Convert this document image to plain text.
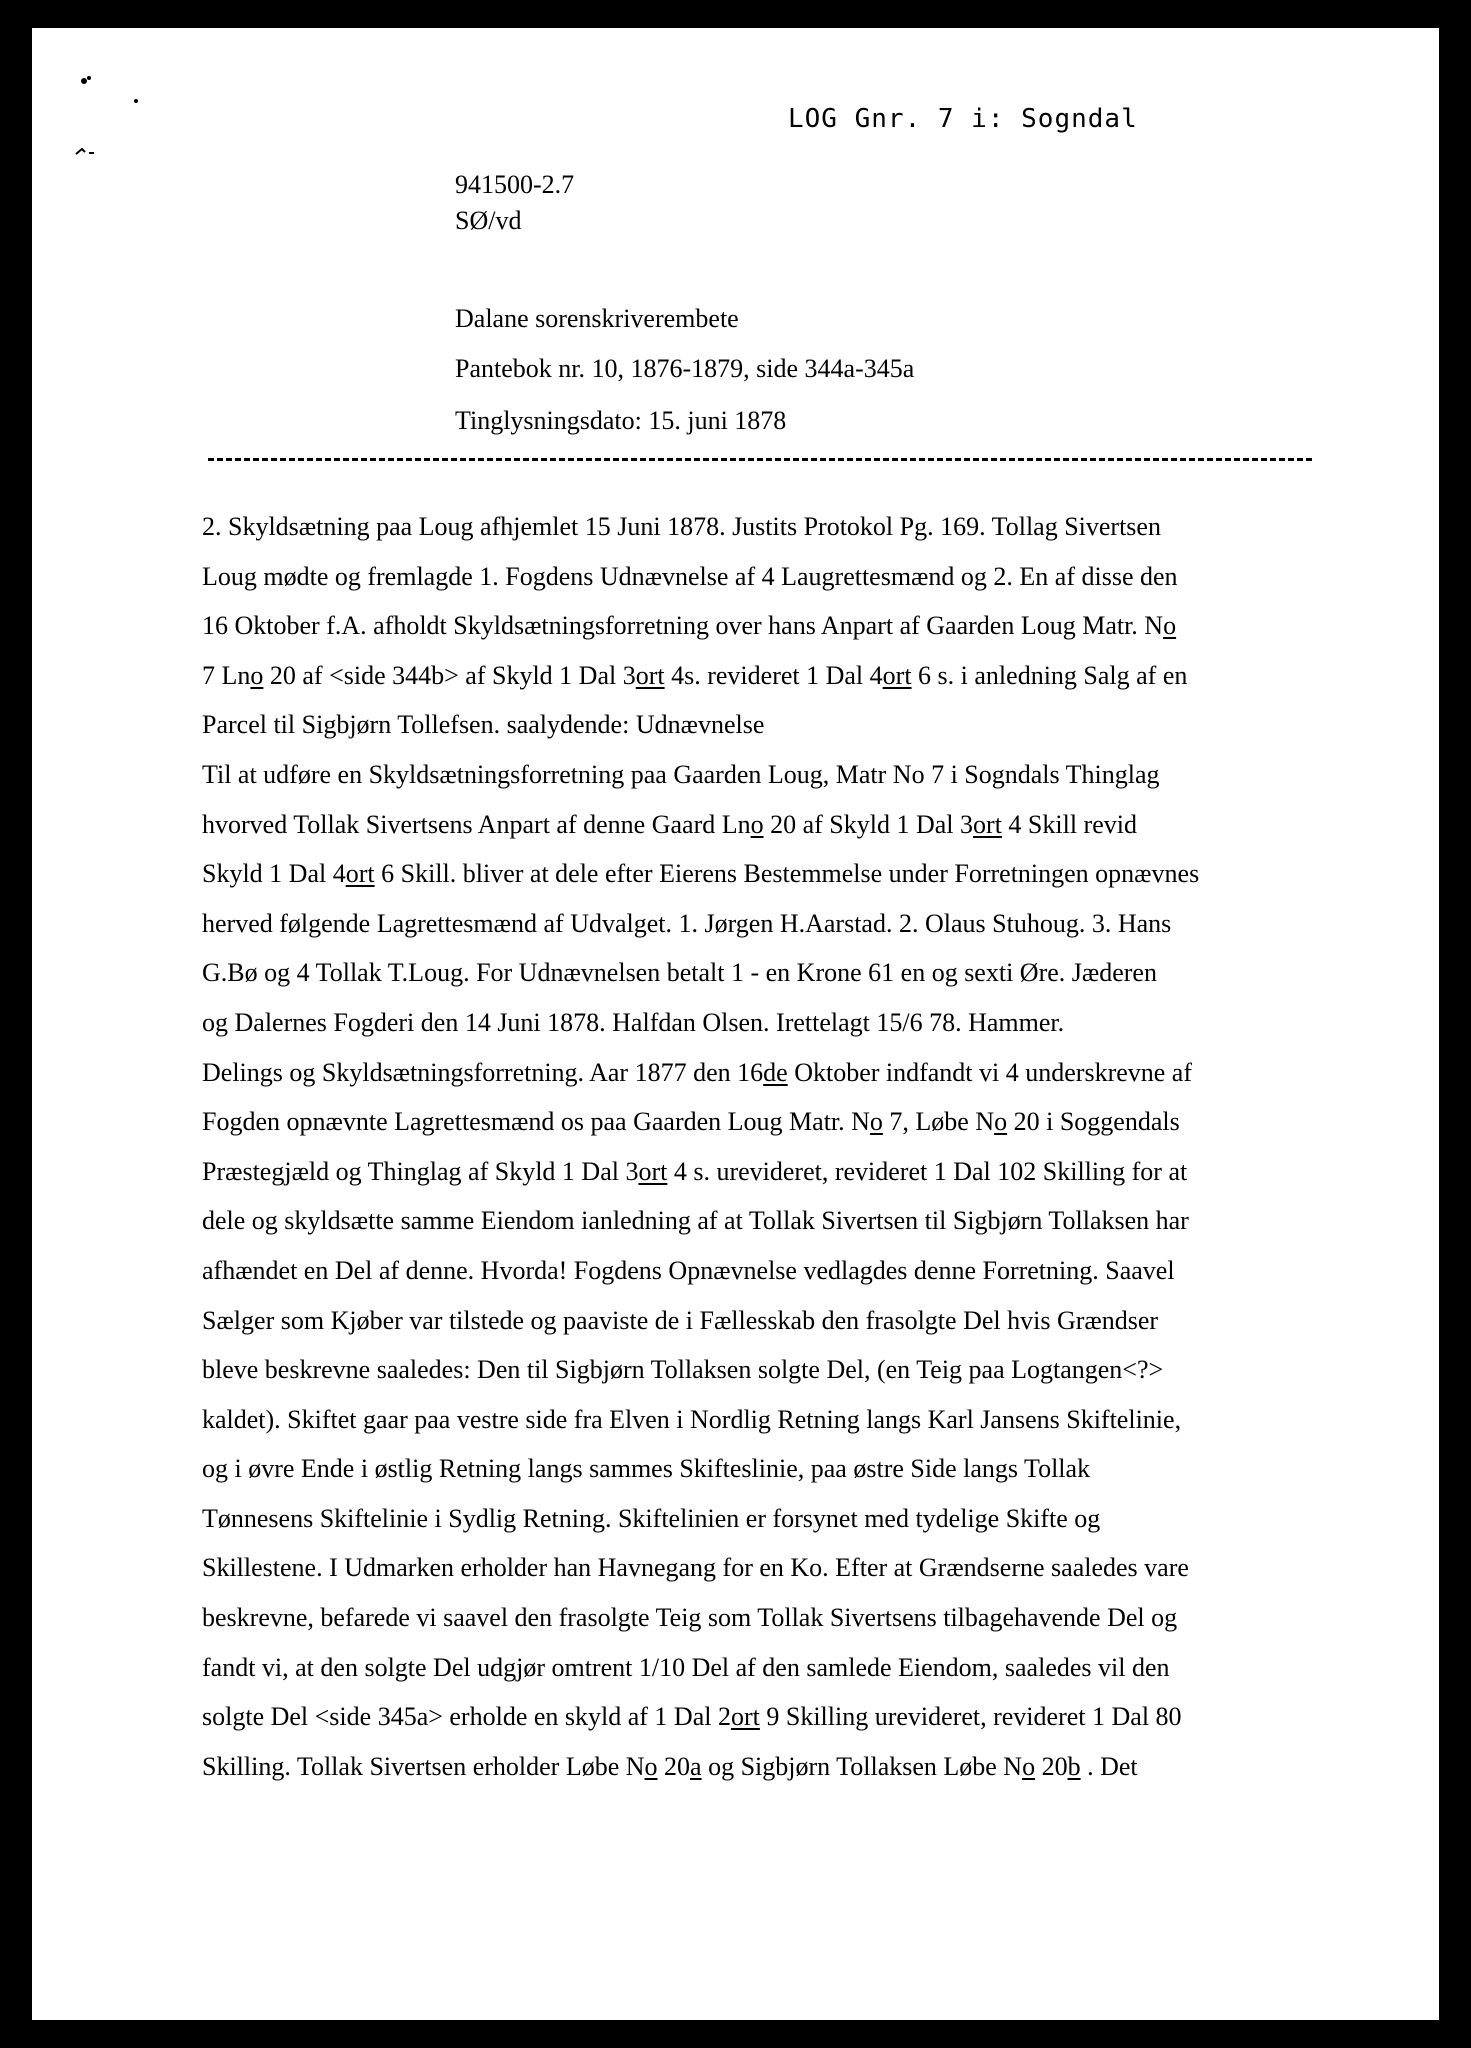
LOG Gnr. 7 i: Sogndal
941500-2.7
SØ/vd
Dalane sorenskriverembete
Pantebok nr. 10, 1876-1879, side 344a-345a
Tinglysningsdato: 15. juni 1878
2. Skyldsætning paa Loug afhjemlet 15 Juni 1878. Justits Protokol Pg. 169. Tollag Sivertsen
Loug mødte og fremlagde 1. Fogdens Udnævnelse af 4 Laugrettesmænd og 2. En af disse den
16 Oktober f.A. afholdt Skyldsætningsforretning over hans Anpart af Gaarden Loug Matr. No
7 Lno 20 af <side 344b> af Skyld 1 Dal 3ort 4s. revideret 1 Dal 4ort 6 s. i anledning Salg af en
Parcel til Sigbjørn Tollefsen. saalydende: Udnævnelse
Til at udføre en Skyldsætningsforretning paa Gaarden Loug, Matr No 7 i Sogndals Thinglag
hvorved Tollak Sivertsens Anpart af denne Gaard Lno 20 af Skyld 1 Dal 3ort 4 Skill revid
Skyld 1 Dal 4ort 6 Skill. bliver at dele efter Eierens Bestemmelse under Forretningen opnævnes
herved følgende Lagrettesmænd af Udvalget. 1. Jørgen H.Aarstad. 2. Olaus Stuhoug. 3. Hans
G.Bø og 4 Tollak T.Loug. For Udnævnelsen betalt 1 - en Krone 61 en og sexti Øre. Jæderen
og Dalernes Fogderi den 14 Juni 1878. Halfdan Olsen. Irettelagt 15/6 78. Hammer.
Delings og Skyldsætningsforretning. Aar 1877 den 16de Oktober indfandt vi 4 underskrevne af
Fogden opnævnte Lagrettesmænd os paa Gaarden Loug Matr. No 7, Løbe No 20 i Soggendals
Præstegjæld og Thinglag af Skyld 1 Dal 3ort 4 s. urevideret, revideret 1 Dal 102 Skilling for at
dele og skyldsætte samme Eiendom ianledning af at Tollak Sivertsen til Sigbjørn Tollaksen har
afhændet en Del af denne. Hvorda! Fogdens Opnævnelse vedlagdes denne Forretning. Saavel
Sælger som Kjøber var tilstede og paaviste de i Fællesskab den frasolgte Del hvis Grændser
bleve beskrevne saaledes: Den til Sigbjørn Tollaksen solgte Del, (en Teig paa Logtangen<?>
kaldet). Skiftet gaar paa vestre side fra Elven i Nordlig Retning langs Karl Jansens Skiftelinie,
og i øvre Ende i østlig Retning langs sammes Skifteslinie, paa østre Side langs Tollak
Tønnesens Skiftelinie i Sydlig Retning. Skiftelinien er forsynet med tydelige Skifte og
Skillestene. I Udmarken erholder han Havnegang for en Ko. Efter at Grændserne saaledes vare
beskrevne, befarede vi saavel den frasolgte Teig som Tollak Sivertsens tilbagehavende Del og
fandt vi, at den solgte Del udgjør omtrent 1/10 Del af den samlede Eiendom, saaledes vil den
solgte Del <side 345a> erholde en skyld af 1 Dal 2ort 9 Skilling urevideret, revideret 1 Dal 80
Skilling. Tollak Sivertsen erholder Løbe No 20a og Sigbjørn Tollaksen Løbe No 20b . Det
